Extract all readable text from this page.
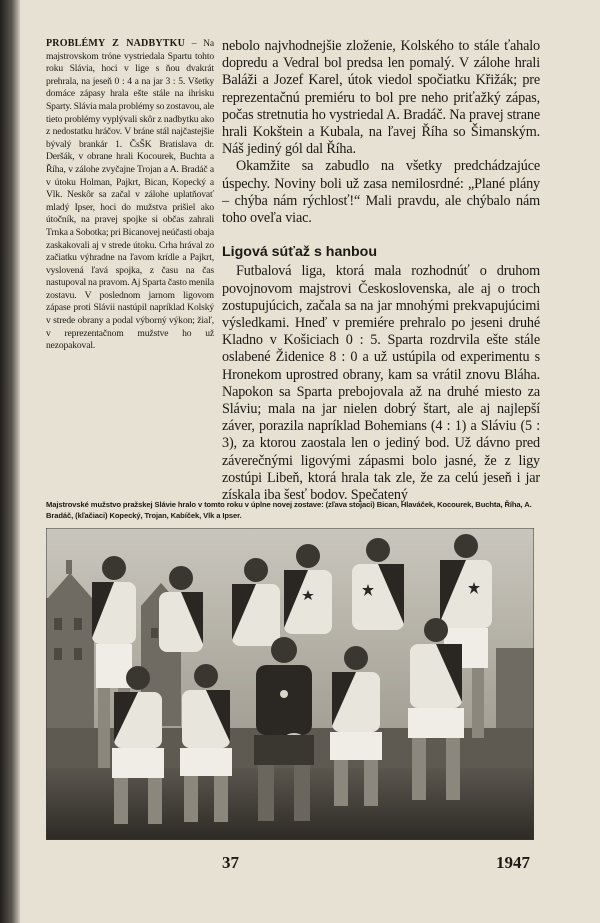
PROBLÉMY Z NADBYTKU – Na majstrovskom tróne vystriedala Spartu tohto roku Slávia, hoci v lige s ňou dvakrát prehrala, na jeseň 0 : 4 a na jar 3 : 5. Všetky domáce zápasy hrala ešte stále na ihrisku Sparty. Slávia mala problémy so zostavou, ale tieto problémy vyplývali skôr z nadbytku ako z nedostatku hráčov. V bráne stál najčastejšie bývalý brankár 1. ČsŠK Bratislava dr. Deršák, v obrane hrali Kocourek, Buchta a Říha, v zálohe zvyčajne Trojan a A. Bradáč a v útoku Holman, Pajkrt, Bican, Kopecký a Vlk. Neskôr sa začal v zálohe uplatňovať mladý Ipser, hoci do mužstva prišiel ako útočník, na pravej spojke si občas zahrali Trnka a Sobotka; pri Bicanovej neúčasti obaja zaskakovali aj v strede útoku. Crha hrával zo začiatku výhradne na ľavom krídle a Pajkrt, vyslovená ľavá spojka, z času na čas nastupoval na pravom. Aj Sparta často menila zostavu. V poslednom jarnom ligovom zápase proti Slávii nastúpil napríklad Kolský v strede obrany a podal výborný výkon; žiaľ, v reprezentačnom mužstve ho už nezopakoval.

nebolo najvhodnejšie zloženie, Kolského to stále ťahalo dopredu a Vedral bol predsa len pomalý. V zálohe hrali Baláži a Jozef Karel, útok viedol spočiatku Křižák; pre reprezentačnú premiéru to bol pre neho priťažký zápas, počas stretnutia ho vystriedal A. Bradáč. Na pravej strane hrali Kokštein a Kubala, na ľavej Říha so Šimanským. Náš jediný gól dal Říha.

Okamžite sa zabudlo na všetky predchádzajúce úspechy. Noviny boli už zasa nemilosrdné: „Plané plány – chýba nám rýchlosť!“ Mali pravdu, ale chýbalo nám toho oveľa viac.

Ligová súťaž s hanbou

Futbalová liga, ktorá mala rozhodnúť o druhom povojnovom majstrovi Československa, ale aj o troch zostupujúcich, začala sa na jar mnohými prekvapujúcimi výsledkami. Hneď v premiére prehralo po jeseni druhé Kladno v Košiciach 0 : 5. Sparta rozdrvila ešte stále oslabené Židenice 8 : 0 a už ustúpila od experimentu s Hronekom uprostred obrany, kam sa vrátil znovu Bláha. Napokon sa Sparta prebojovala až na druhé miesto za Sláviu; mala na jar nielen dobrý štart, ale aj najlepší záver, porazila napríklad Bohemians (4 : 1) a Sláviu (5 : 3), za ktorou zaostala len o jediný bod. Už dávno pred záverečnými ligovými zápasmi bolo jasné, že z ligy zostúpi Libeň, ktorá hrala tak zle, že za celú jeseň i jar získala iba šesť bodov. Spečatený

Majstrovské mužstvo pražskej Slávie hralo v tomto roku v úplne novej zostave: (zľava stojaci) Bican, Hlaváček, Kocourek, Buchta, Říha, A. Bradáč, (kľačiaci) Kopecký, Trojan, Kabíček, Vlk a Ipser.
37	1947
